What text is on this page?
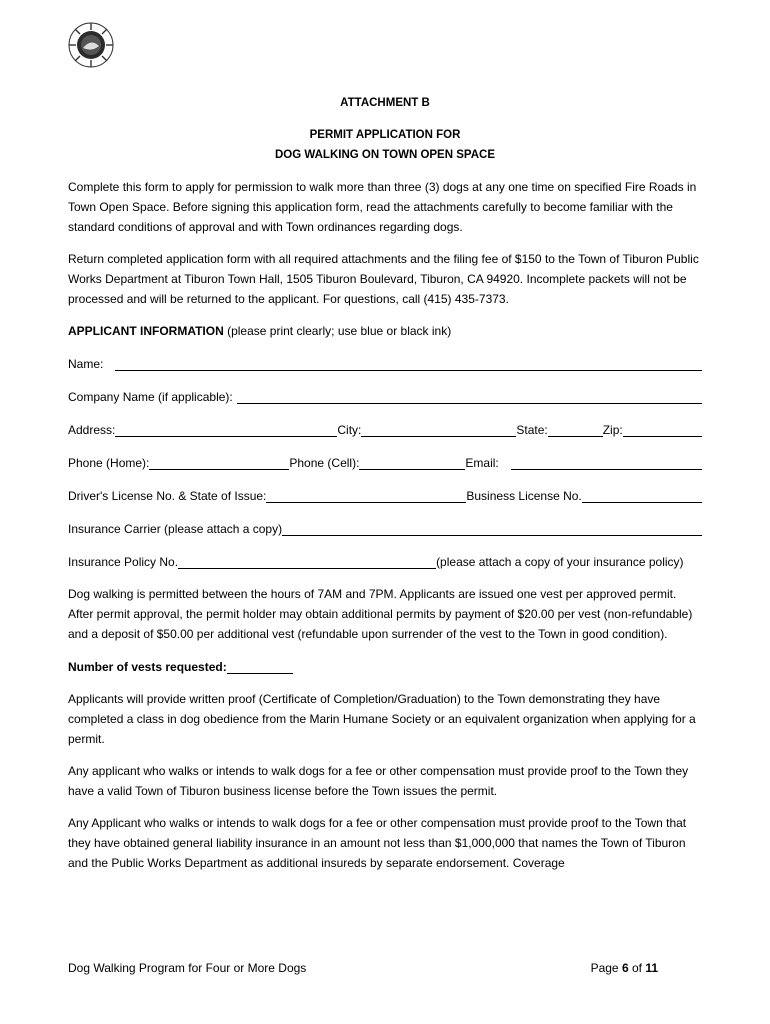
ATTACHMENT B
PERMIT APPLICATION FOR
DOG WALKING ON TOWN OPEN SPACE

Complete this form to apply for permission to walk more than three (3) dogs at any one time on specified Fire Roads in Town Open Space. Before signing this application form, read the attachments carefully to become familiar with the standard conditions of approval and with Town ordinances regarding dogs.

Return completed application form with all required attachments and the filing fee of $150 to the Town of Tiburon Public Works Department at Tiburon Town Hall, 1505 Tiburon Boulevard, Tiburon, CA 94920. Incomplete packets will not be processed and will be returned to the applicant. For questions, call (415) 435-7373.

APPLICANT INFORMATION (please print clearly; use blue or black ink)

Name:
Company Name (if applicable):
Address:	City:	State:	Zip:
Phone (Home):	Phone (Cell):	Email:
Driver's License No. & State of Issue:	Business License No.
Insurance Carrier (please attach a copy)
Insurance Policy No.	(please attach a copy of your insurance policy)

Dog walking is permitted between the hours of 7AM and 7PM. Applicants are issued one vest per approved permit. After permit approval, the permit holder may obtain additional permits by payment of $20.00 per vest (non-refundable) and a deposit of $50.00 per additional vest (refundable upon surrender of the vest to the Town in good condition).

Number of vests requested:

Applicants will provide written proof (Certificate of Completion/Graduation) to the Town demonstrating they have completed a class in dog obedience from the Marin Humane Society or an equivalent organization when applying for a permit.

Any applicant who walks or intends to walk dogs for a fee or other compensation must provide proof to the Town they have a valid Town of Tiburon business license before the Town issues the permit.

Any Applicant who walks or intends to walk dogs for a fee or other compensation must provide proof to the Town that they have obtained general liability insurance in an amount not less than $1,000,000 that names the Town of Tiburon and the Public Works Department as additional insureds by separate endorsement. Coverage

Dog Walking Program for Four or More Dogs	Page 6 of 11
